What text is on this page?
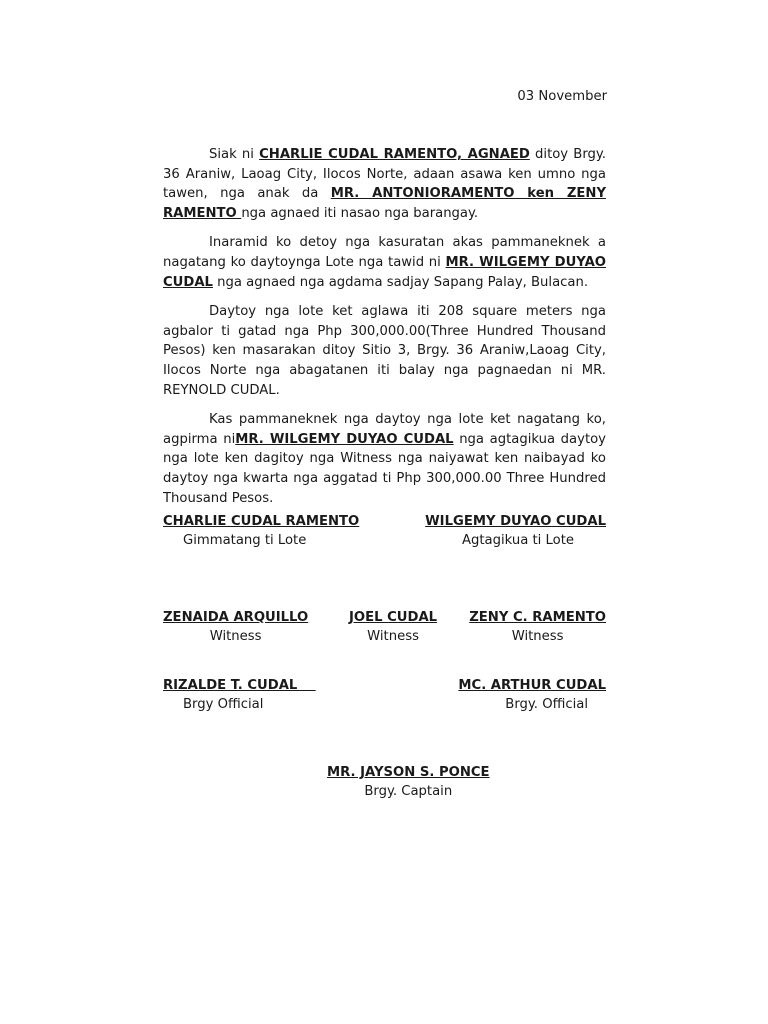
03 November

Siak ni CHARLIE CUDAL RAMENTO, AGNAED ditoy Brgy. 36 Araniw, Laoag City, Ilocos Norte, adaan asawa ken umno nga tawen, nga anak da MR. ANTONIORAMENTO ken ZENY RAMENTO nga agnaed iti nasao nga barangay.

Inaramid ko detoy nga kasuratan akas pammaneknek a nagatang ko daytoynga Lote nga tawid ni MR. WILGEMY DUYAO CUDAL nga agnaed nga agdama sadjay Sapang Palay, Bulacan.

Daytoy nga lote ket aglawa iti 208 square meters nga agbalor ti gatad nga Php 300,000.00(Three Hundred Thousand Pesos) ken masarakan ditoy Sitio 3, Brgy. 36 Araniw,Laoag City, Ilocos Norte nga abagatanen iti balay nga pagnaedan ni MR. REYNOLD CUDAL.

Kas pammaneknek nga daytoy nga lote ket nagatang ko, agpirma niMR. WILGEMY DUYAO CUDAL nga agtagikua daytoy nga lote ken dagitoy nga Witness nga naiyawat ken naibayad ko daytoy nga kwarta nga aggatad ti Php 300,000.00 Three Hundred Thousand Pesos.

CHARLIE CUDAL RAMENTO
Gimmatang ti Lote
WILGEMY DUYAO CUDAL
Agtagikua ti Lote
ZENAIDA ARQUILLO
Witness
JOEL CUDAL
Witness
ZENY C. RAMENTO
Witness
RIZALDE T. CUDAL
Brgy Official
MC. ARTHUR CUDAL
Brgy. Official
MR. JAYSON S. PONCE
Brgy. Captain
